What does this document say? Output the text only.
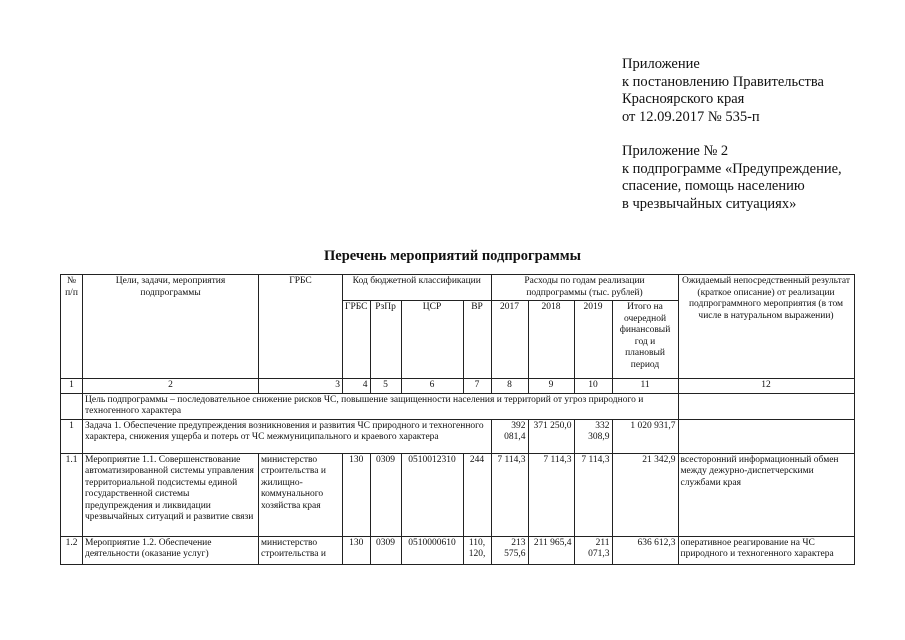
Приложение
к постановлению Правительства
Красноярского края
от 12.09.2017 № 535-п
Приложение № 2
к подпрограмме «Предупреждение,
спасение, помощь населению
в чрезвычайных ситуациях»
Перечень мероприятий подпрограммы
№ п/п	Цели, задачи, мероприятия подпрограммы	ГРБС	Код бюджетной классификации				Расходы по годам реализации подпрограммы (тыс. рублей)				Ожидаемый непосредственный результат (краткое описание) от реализации подпрограммного мероприятия (в том числе в натуральном выражении)
			ГРБС	РзПр	ЦСР	ВР	2017	2018	2019	Итого на очередной финансовый год и плановый период	
1	2	3	4	5	6	7	8	9	10	11	12
	Цель подпрограммы – последовательное снижение рисков ЧС, повышение защищенности населения и территорий от угроз природного и техногенного характера										
1	Задача 1. Обеспечение предупреждения возникновения и развития ЧС природного и техногенного характера, снижения ущерба и потерь от ЧС межмуниципального и краевого характера						392 081,4	371 250,0	332 308,9	1 020 931,7	
1.1	Мероприятие 1.1. Совершенствование автоматизированной системы управления территориальной подсистемы единой государственной системы предупреждения и ликвидации чрезвычайных ситуаций и развитие связи	министерство строительства и жилищно-коммунального хозяйства края	130	0309	0510012310	244	7 114,3	7 114,3	7 114,3	21 342,9	всесторонний информационный обмен между дежурно-диспетчерскими службами края
1.2	Мероприятие 1.2. Обеспечение деятельности (оказание услуг)	министерство строительства и	130	0309	0510000610	110, 120,	213 575,6	211 965,4	211 071,3	636 612,3	оперативное реагирование на ЧС природного и техногенного характера
